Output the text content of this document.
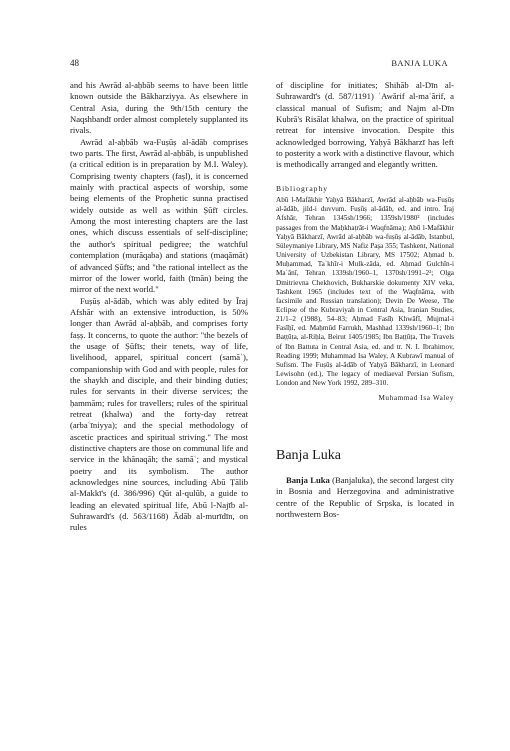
48	BANJA LUKA

and his Awrād al-aḥbāb seems to have been little known outside the Bākharziyya. As elsewhere in Central Asia, during the 9th/15th century the Naqshbandī order almost completely supplanted its rivals.

Awrād al-aḥbāb wa-Fuṣūṣ al-ādāb comprises two parts. The first, Awrād al-aḥbāb, is unpublished (a critical edition is in preparation by M.I. Waley). Comprising twenty chapters (faṣl), it is concerned mainly with practical aspects of worship, some being elements of the Prophetic sunna practised widely outside as well as within Ṣūfī circles. Among the most interesting chapters are the last ones, which discuss essentials of self-discipline; the author's spiritual pedigree; the watchful contemplation (murāqaba) and stations (maqāmāt) of advanced Ṣūfīs; and "the rational intellect as the mirror of the lower world, faith (īmān) being the mirror of the next world."

Fuṣūṣ al-ādāb, which was ably edited by Īraj Afshār with an extensive introduction, is 50% longer than Awrād al-aḥbāb, and comprises forty faṣṣ. It concerns, to quote the author: "the bezels of the usage of Ṣūfīs; their tenets, way of life, livelihood, apparel, spiritual concert (samāʿ), companionship with God and with people, rules for the shaykh and disciple, and their binding duties; rules for servants in their diverse services; the ḥammām; rules for travellers; rules of the spiritual retreat (khalwa) and the forty-day retreat (arbaʿīniyya); and the special methodology of ascetic practices and spiritual striving." The most distinctive chapters are those on communal life and service in the khānaqāh; the samāʿ; and mystical poetry and its symbolism. The author acknowledges nine sources, including Abū Ṭālib al-Makkī's (d. 386/996) Qūt al-qulūb, a guide to leading an elevated spiritual life, Abū l-Najīb al-Suhrawardī's (d. 563/1168) Ādāb al-murīdīn, on rules

of discipline for initiates; Shihāb al-Dīn al-Suhrawardī's (d. 587/1191) ʿAwārif al-maʿārif, a classical manual of Sufism; and Najm al-Dīn Kubrā's Risālat khalwa, on the practice of spiritual retreat for intensive invocation. Despite this acknowledged borrowing, Yaḥyā Bākharzī has left to posterity a work with a distinctive flavour, which is methodically arranged and elegantly written.

Bibliography
Abū l-Mafākhir Yaḥyā Bākharzī, Awrād al-aḥbāb wa-Fuṣūṣ al-ādāb, jild-i duvvum. Fuṣūṣ al-ādāb, ed. and intro. Īraj Afshār, Tehran 1345sh/1966; 1359sh/1980² (includes passages from the Maḥkhaṭrāt-i Waqfnāma); Abū l-Mafākhir Yaḥyā Bākharzī, Awrād al-aḥbāb wa-fuṣūṣ al-ādāb, Istanbul, Süleymaniye Library, MS Nafiz Paşa 355; Tashkent, National University of Uzbekistan Library, MS 17502; Aḥmad b. Muḥammad, Taʾkhīr-i Mulk-zāda, ed. Aḥmad Gulchīn-i Maʿānī, Tehran 1339sh/1960–1, 1370sh/1991–2²; Olga Dmitrievna Chekhovich, Bukharskie dokumenty XIV veka, Tashkent 1965 (includes text of the Waqfnāma, with facsimile and Russian translation); Devin De Weese, The Eclipse of the Kubraviyah in Central Asia, Iranian Studies, 21/1–2 (1988), 54–83; Aḥmad Fasīḥ Khwāfī, Mujmal-i Fasīḥī, ed. Maḥmūd Farrukh, Mashhad 1339sh/1960–1; Ibn Baṭṭūṭa, al-Riḥla, Beirut 1405/1985; Ibn Baṭṭūṭa, The Travels of Ibn Battuta in Central Asia, ed. and tr. N. I. Ibrahimov, Reading 1999; Muhammad Isa Waley, A Kubrawī manual of Sufism. The Fuṣūṣ al-ādāb of Yaḥyā Bākharzī, in Leonard Lewisohn (ed.), The legacy of mediaeval Persian Sufism, London and New York 1992, 289–310.
Muhammad Isa Waley
Banja Luka

Banja Luka (Banjaluka), the second largest city in Bosnia and Herzegovina and administrative centre of the Republic of Srpska, is located in northwestern Bos-
